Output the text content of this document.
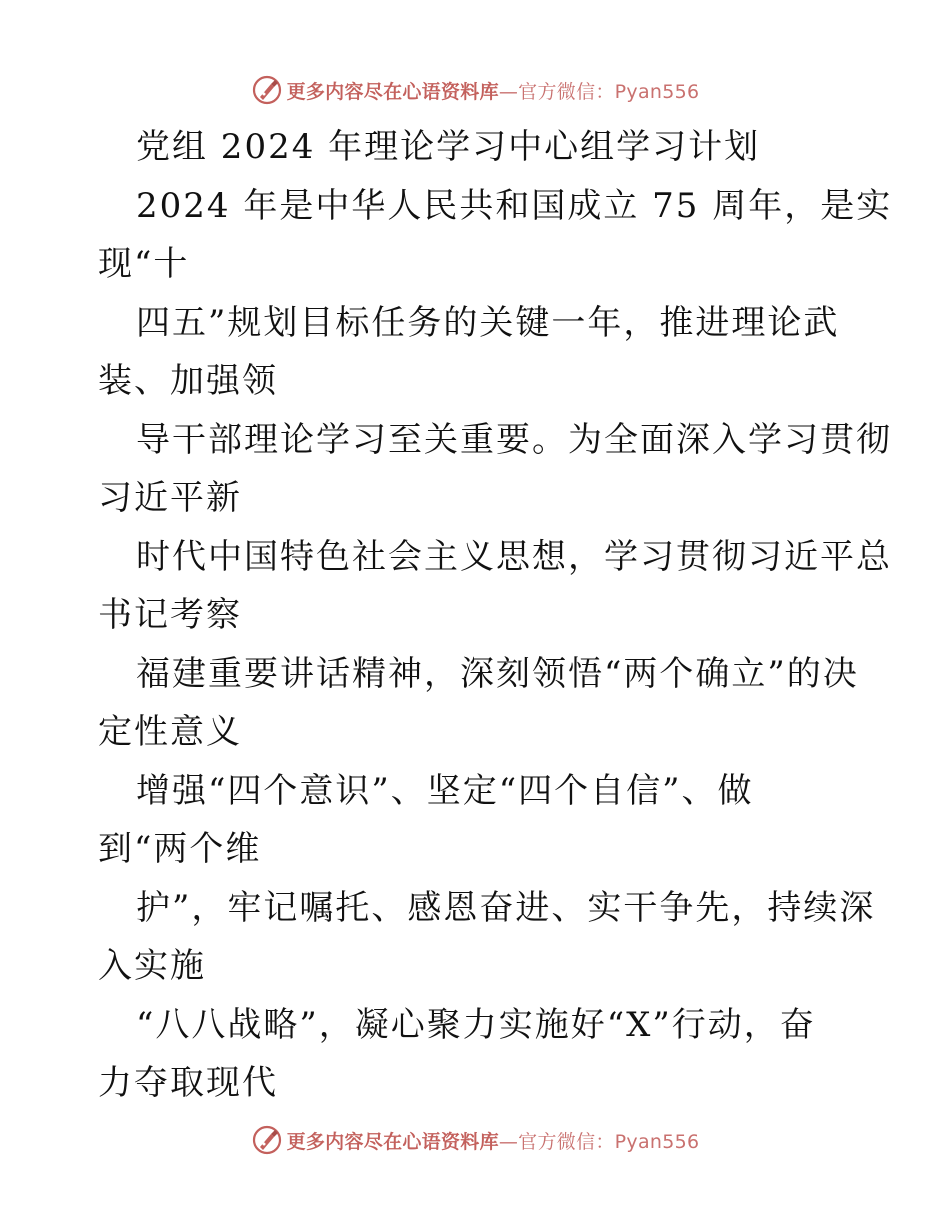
更多内容尽在心语资料库—官方微信：Pyan556
党组 2024 年理论学习中心组学习计划
2024 年是中华人民共和国成立 75 周年，是实
现“十
四五”规划目标任务的关键一年，推进理论武
装、加强领
导干部理论学习至关重要。为全面深入学习贯彻
习近平新
时代中国特色社会主义思想，学习贯彻习近平总
书记考察
福建重要讲话精神，深刻领悟“两个确立”的决
定性意义
增强“四个意识”、坚定“四个自信”、做
到“两个维
护”，牢记嘱托、感恩奋进、实干争先，持续深
入实施
“八八战略”，凝心聚力实施好“X”行动，奋
力夺取现代
更多内容尽在心语资料库—官方微信：Pyan556
